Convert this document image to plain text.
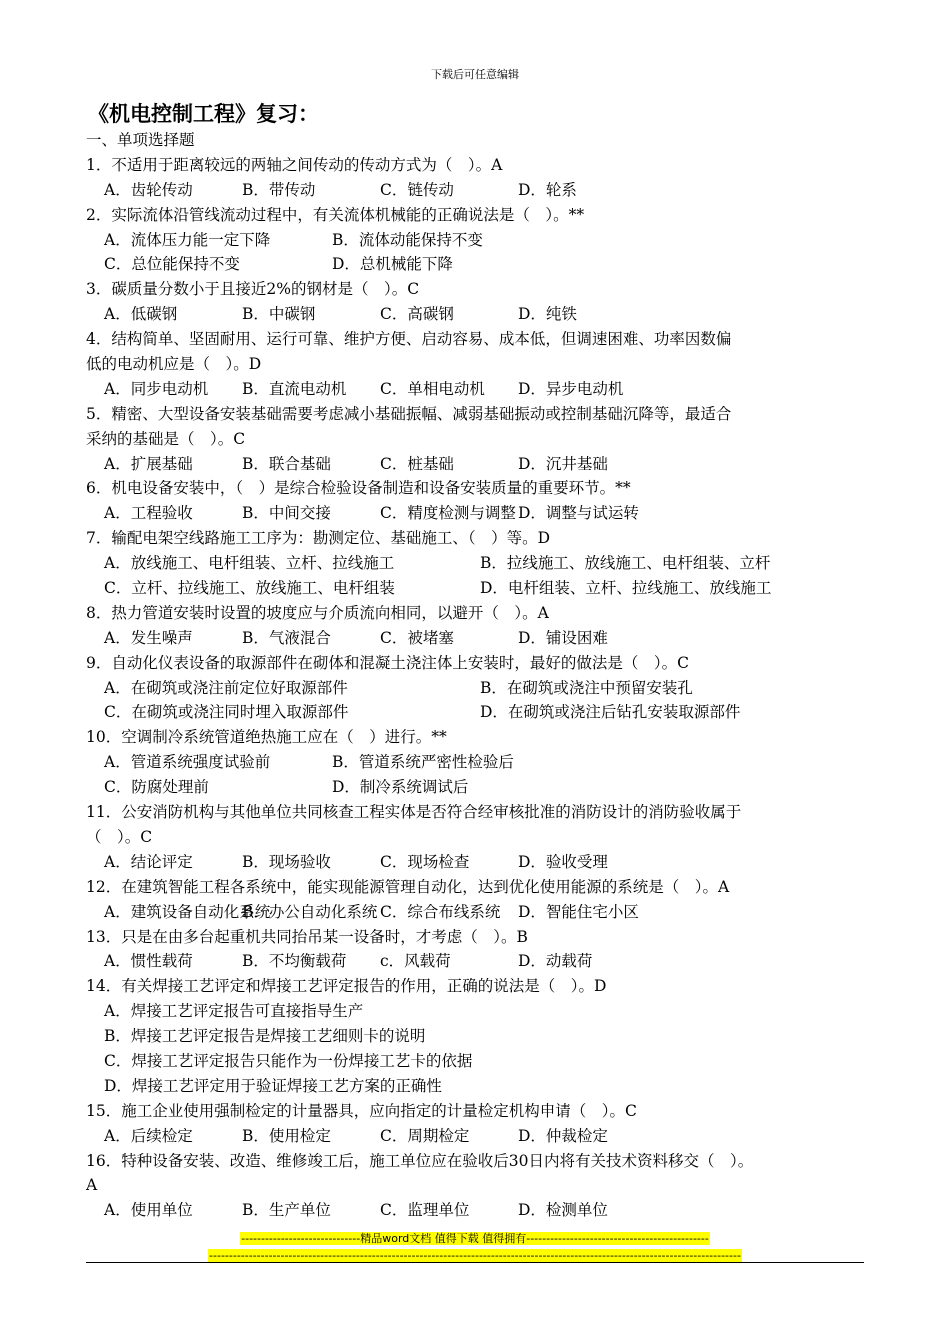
下载后可任意编辑
《机电控制工程》复习：
一、单项选择题
1．不适用于距离较远的两轴之间传动的传动方式为（　）。A
A．齿轮传动	B．带传动	C．链传动	D．轮系
2．实际流体沿管线流动过程中，有关流体机械能的正确说法是（　）。**
A．流体压力能一定下降	B．流体动能保持不变
C．总位能保持不变	D．总机械能下降
3．碳质量分数小于且接近2%的钢材是（　）。C
A．低碳钢	B．中碳钢	C．高碳钢	D．纯铁
4．结构简单、坚固耐用、运行可靠、维护方便、启动容易、成本低，但调速困难、功率因数偏
低的电动机应是（　）。D
A．同步电动机 B．直流电动机 C．单相电动机 D．异步电动机
5．精密、大型设备安装基础需要考虑减小基础振幅、减弱基础振动或控制基础沉降等，最适合
采纳的基础是（　）。C
A．扩展基础	B．联合基础	C．桩基础	D．沉井基础
6．机电设备安装中，（　）是综合检验设备制造和设备安装质量的重要环节。**
A．工程验收	B．中间交接	C．精度检测与调整 D．调整与试运转
7．输配电架空线路施工工序为：勘测定位、基础施工、（　）等。D
A．放线施工、电杆组装、立杆、拉线施工	B．拉线施工、放线施工、电杆组装、立杆
C．立杆、拉线施工、放线施工、电杆组装	D．电杆组装、立杆、拉线施工、放线施工
8．热力管道安装时设置的坡度应与介质流向相同，以避开（　）。A
A．发生噪声	B．气液混合	C．被堵塞	D．铺设困难
9．自动化仪表设备的取源部件在砌体和混凝土浇注体上安装时，最好的做法是（　）。C
A．在砌筑或浇注前定位好取源部件	B．在砌筑或浇注中预留安装孔
C．在砌筑或浇注同时埋入取源部件	D．在砌筑或浇注后钻孔安装取源部件
10．空调制冷系统管道绝热施工应在（　）进行。**
A．管道系统强度试验前	B．管道系统严密性检验后
C．防腐处理前	D．制冷系统调试后
11．公安消防机构与其他单位共同核查工程实体是否符合经审核批准的消防设计的消防验收属于
（　）。C
A．结论评定	B．现场验收	C．现场检查	D．验收受理
12．在建筑智能工程各系统中，能实现能源管理自动化，达到优化使用能源的系统是（　）。A
A．建筑设备自动化系统B．办公自动化系统 C．综合布线系统 D．智能住宅小区
13．只是在由多台起重机共同抬吊某一设备时，才考虑（　）。B
A．惯性载荷	B．不均衡载荷 c．风载荷	D．动载荷
14．有关焊接工艺评定和焊接工艺评定报告的作用，正确的说法是（　）。D
A．焊接工艺评定报告可直接指导生产
B．焊接工艺评定报告是焊接工艺细则卡的说明
C．焊接工艺评定报告只能作为一份焊接工艺卡的依据
D．焊接工艺评定用于验证焊接工艺方案的正确性
15．施工企业使用强制检定的计量器具，应向指定的计量检定机构申请（　）。C
A．后续检定	B．使用检定	C．周期检定	D．仲裁检定
16．特种设备安装、改造、维修竣工后，施工单位应在验收后30日内将有关技术资料移交（　）。
A
A．使用单位	B．生产单位	C．监理单位	D．检测单位
------------------------------精品word文档 值得下载 值得拥有----------------------------------------------
--------------------------------------------------------------------------------------------------------------------------------------
